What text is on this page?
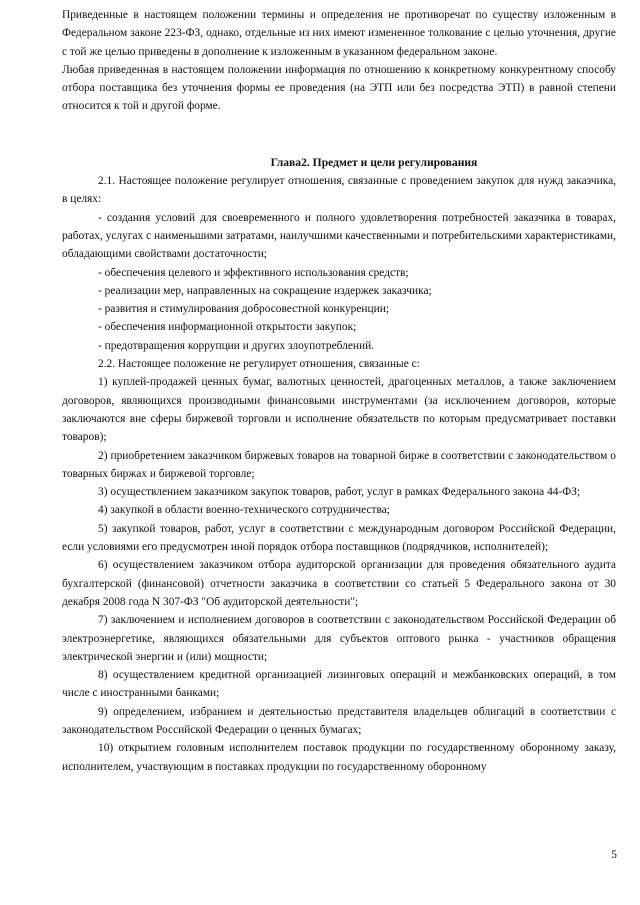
Приведенные в настоящем положении термины и определения не противоречат по существу изложенным в Федеральном законе 223-ФЗ, однако, отдельные из них имеют измененное толкование с целью уточнения, другие с той же целью приведены в дополнение к изложенным в указанном федеральном законе.

Любая приведенная в настоящем положении информация по отношению к конкретному конкурентному способу отбора поставщика без уточнения формы ее проведения (на ЭТП или без посредства ЭТП) в равной степени относится к той и другой форме.

Глава2. Предмет и цели регулирования

2.1. Настоящее положение регулирует отношения, связанные с проведением закупок для нужд заказчика, в целях:

- создания условий для своевременного и полного удовлетворения потребностей заказчика в товарах, работах, услугах с наименьшими затратами, наилучшими качественными и потребительскими характеристиками, обладающими свойствами достаточности;

- обеспечения целевого и эффективного использования средств;

- реализации мер, направленных на сокращение издержек заказчика;

- развития и стимулирования добросовестной конкуренции;

- обеспечения информационной открытости закупок;

- предотвращения коррупции и других злоупотреблений.

2.2. Настоящее положение не регулирует отношения, связанные с:

1) куплей-продажей ценных бумаг, валютных ценностей, драгоценных металлов, а также заключением договоров, являющихся производными финансовыми инструментами (за исключением договоров, которые заключаются вне сферы биржевой торговли и исполнение обязательств по которым предусматривает поставки товаров);

2) приобретением заказчиком биржевых товаров на товарной бирже в соответствии с законодательством о товарных биржах и биржевой торговле;

3) осуществлением заказчиком закупок товаров, работ, услуг в рамках Федерального закона 44-ФЗ;

4) закупкой в области военно-технического сотрудничества;

5) закупкой товаров, работ, услуг в соответствии с международным договором Российской Федерации, если условиями его предусмотрен иной порядок отбора поставщиков (подрядчиков, исполнителей);

6) осуществлением заказчиком отбора аудиторской организации для проведения обязательного аудита бухгалтерской (финансовой) отчетности заказчика в соответствии со статьей 5 Федерального закона от 30 декабря 2008 года N 307-ФЗ "Об аудиторской деятельности";

7) заключением и исполнением договоров в соответствии с законодательством Российской Федерации об электроэнергетике, являющихся обязательными для субъектов оптового рынка - участников обращения электрической энергии и (или) мощности;

8) осуществлением кредитной организацией лизинговых операций и межбанковских операций, в том числе с иностранными банками;

9) определением, избранием и деятельностью представителя владельцев облигаций в соответствии с законодательством Российской Федерации о ценных бумагах;

10) открытием головным исполнителем поставок продукции по государственному оборонному заказу, исполнителем, участвующим в поставках продукции по государственному оборонному

5
